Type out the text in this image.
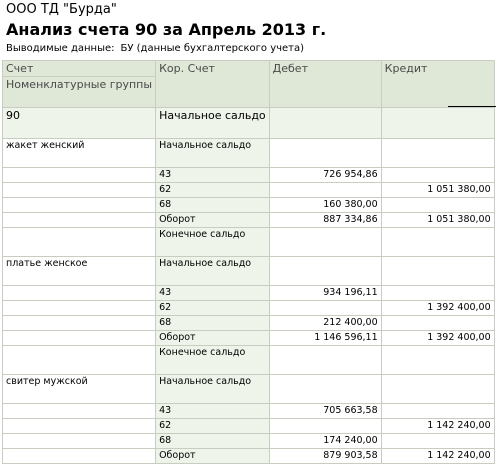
ООО ТД "Бурда"
Анализ счета 90 за Апрель 2013 г.
Выводимые данные: БУ (данные бухгалтерского учета)
Счет	Кор. Счет	Дебет	Кредит
Номенклатурные группы			
90	Начальное сальдо		
жакет женский	Начальное сальдо		
	43	726 954,86	
	62		1 051 380,00
	68	160 380,00	
	Оборот	887 334,86	1 051 380,00
	Конечное сальдо		
платье женское	Начальное сальдо		
	43	934 196,11	
	62		1 392 400,00
	68	212 400,00	
	Оборот	1 146 596,11	1 392 400,00
	Конечное сальдо		
свитер мужской	Начальное сальдо		
	43	705 663,58	
	62		1 142 240,00
	68	174 240,00	
	Оборот	879 903,58	1 142 240,00
